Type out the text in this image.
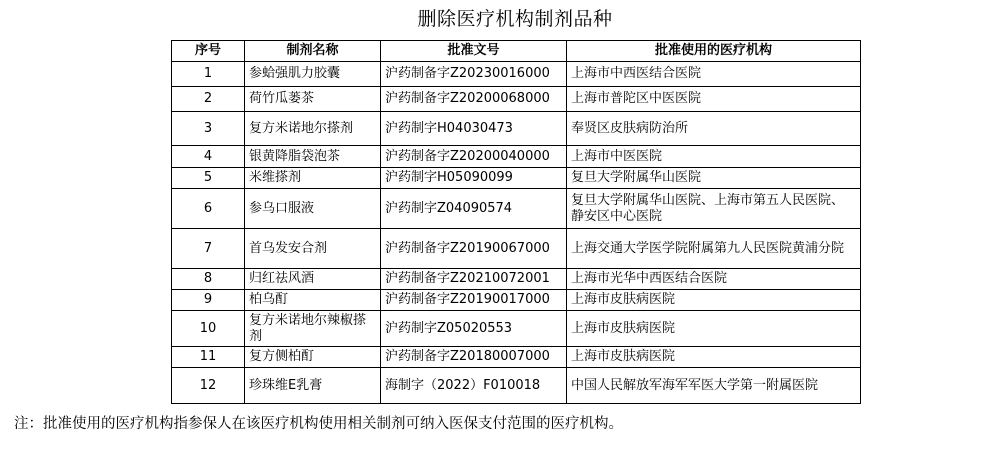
删除医疗机构制剂品种
序号	制剂名称	批准文号	批准使用的医疗机构
1	参蛤强肌力胶囊	沪药制备字Z20230016000	上海市中西医结合医院
2	荷竹瓜蒌茶	沪药制备字Z20200068000	上海市普陀区中医医院
3	复方米诺地尔搽剂	沪药制字H04030473	奉贤区皮肤病防治所
4	银黄降脂袋泡茶	沪药制备字Z20200040000	上海市中医医院
5	米维搽剂	沪药制字H05090099	复旦大学附属华山医院
6	参乌口服液	沪药制字Z04090574	复旦大学附属华山医院、上海市第五人民医院、静安区中心医院
7	首乌发安合剂	沪药制备字Z20190067000	上海交通大学医学院附属第九人民医院黄浦分院
8	归红祛风酒	沪药制备字Z20210072001	上海市光华中西医结合医院
9	柏乌酊	沪药制备字Z20190017000	上海市皮肤病医院
10	复方米诺地尔辣椒搽剂	沪药制字Z05020553	上海市皮肤病医院
11	复方侧柏酊	沪药制备字Z20180007000	上海市皮肤病医院
12	珍珠维E乳膏	海制字（2022）F010018	中国人民解放军海军军医大学第一附属医院
注：批准使用的医疗机构指参保人在该医疗机构使用相关制剂可纳入医保支付范围的医疗机构。
